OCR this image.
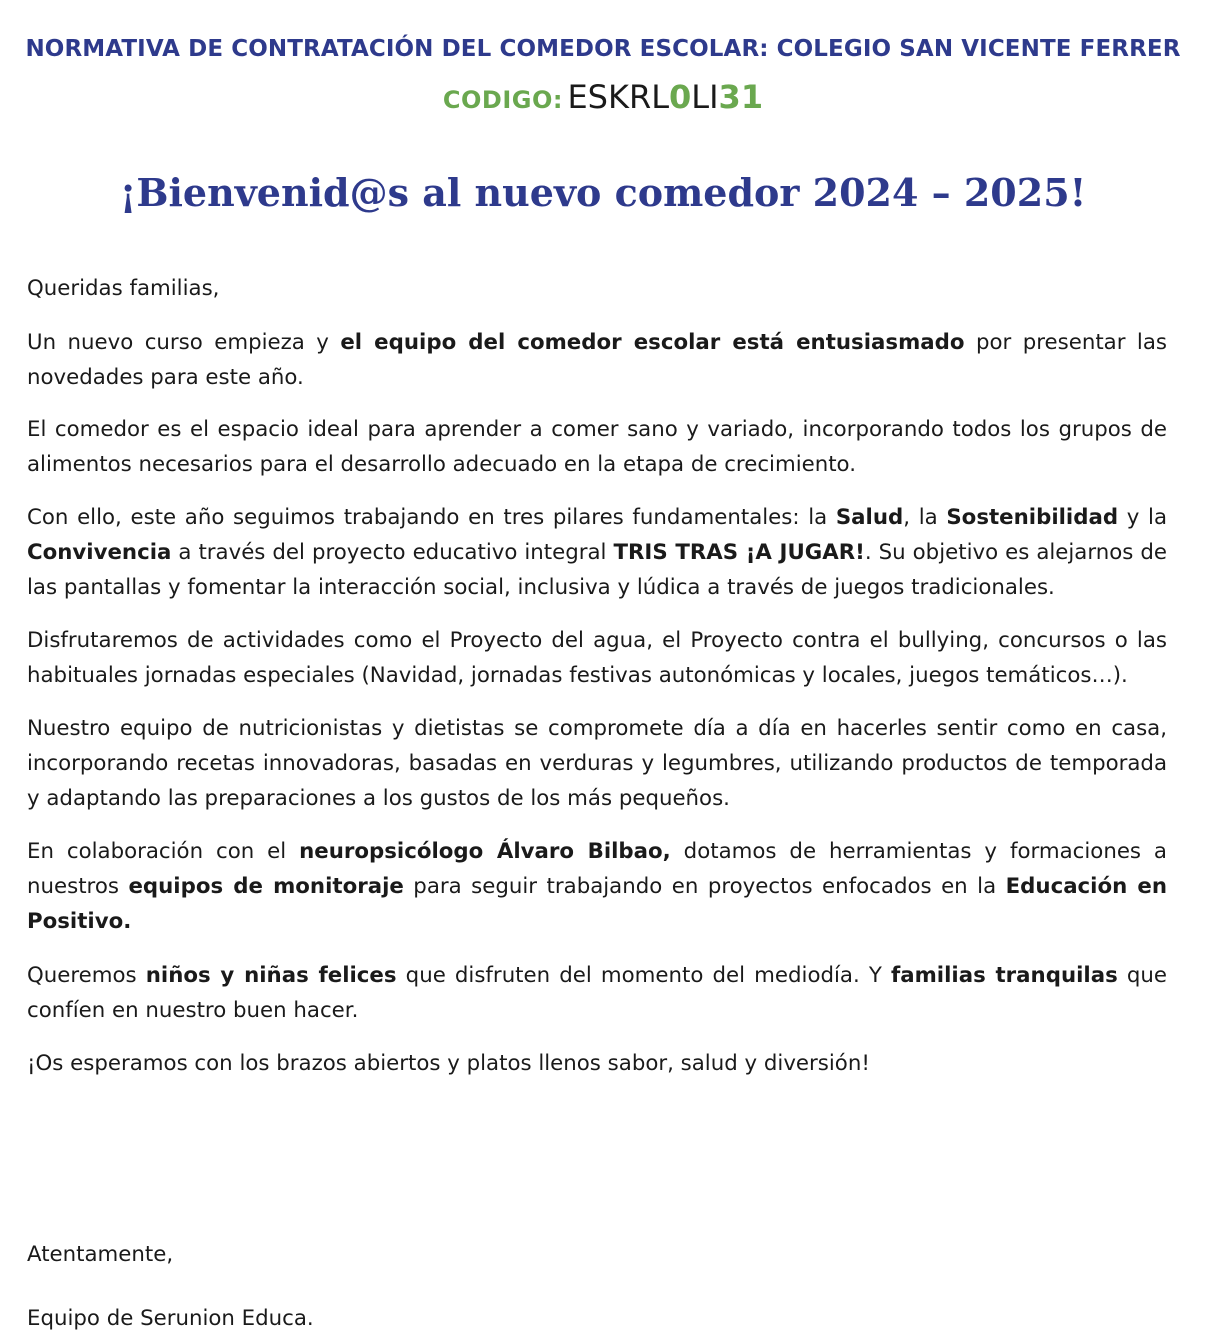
NORMATIVA DE CONTRATACIÓN DEL COMEDOR ESCOLAR: COLEGIO SAN VICENTE FERRER
CODIGO: ESKRL0LI31
¡Bienvenid@s al nuevo comedor 2024 – 2025!

Queridas familias,

Un nuevo curso empieza y el equipo del comedor escolar está entusiasmado por presentar las novedades para este año.

El comedor es el espacio ideal para aprender a comer sano y variado, incorporando todos los grupos de alimentos necesarios para el desarrollo adecuado en la etapa de crecimiento.

Con ello, este año seguimos trabajando en tres pilares fundamentales: la Salud, la Sostenibilidad y la Convivencia a través del proyecto educativo integral TRIS TRAS ¡A JUGAR!. Su objetivo es alejarnos de las pantallas y fomentar la interacción social, inclusiva y lúdica a través de juegos tradicionales.

Disfrutaremos de actividades como el Proyecto del agua, el Proyecto contra el bullying, concursos o las habituales jornadas especiales (Navidad, jornadas festivas autonómicas y locales, juegos temáticos…).

Nuestro equipo de nutricionistas y dietistas se compromete día a día en hacerles sentir como en casa, incorporando recetas innovadoras, basadas en verduras y legumbres, utilizando productos de temporada y adaptando las preparaciones a los gustos de los más pequeños.

En colaboración con el neuropsicólogo Álvaro Bilbao, dotamos de herramientas y formaciones a nuestros equipos de monitoraje para seguir trabajando en proyectos enfocados en la Educación en Positivo.

Queremos niños y niñas felices que disfruten del momento del mediodía. Y familias tranquilas que confíen en nuestro buen hacer.

¡Os esperamos con los brazos abiertos y platos llenos sabor, salud y diversión!

Atentamente,

Equipo de Serunion Educa.
